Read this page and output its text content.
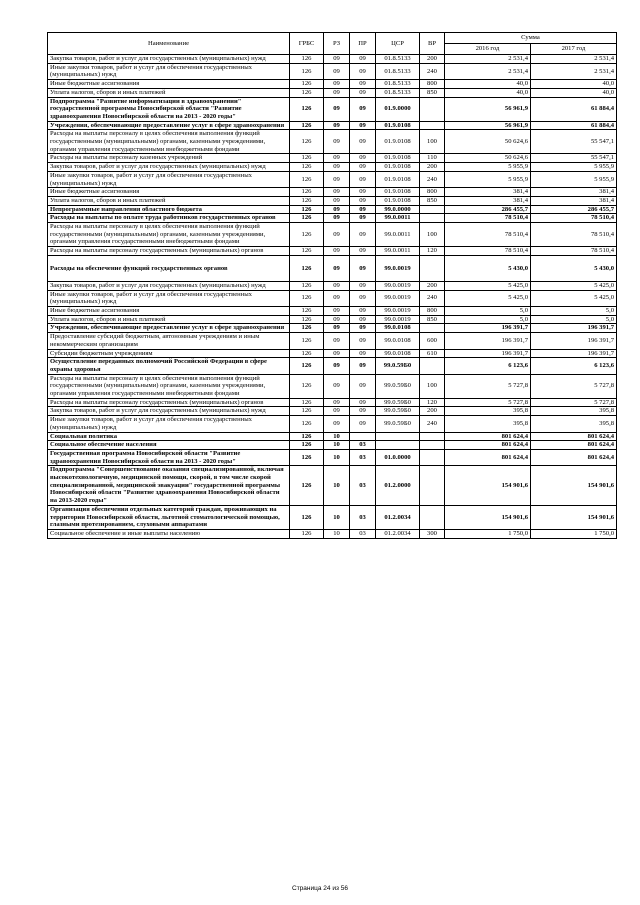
Наименование	ГРБС	РЗ	ПР	ЦСР	ВР	Сумма	
						2016 год	2017 год
Закупка товаров, работ и услуг для государственных (муниципальных) нужд	126	09	09	01.8.5133	200	2 531,4	2 531,4
Иные закупки товаров, работ и услуг для обеспечения государственных (муниципальных) нужд	126	09	09	01.8.5133	240	2 531,4	2 531,4
Иные бюджетные ассигнования	126	09	09	01.8.5133	800	40,0	40,0
Уплата налогов, сборов и иных платежей	126	09	09	01.8.5133	850	40,0	40,0
Подпрограмма "Развитие информатизации в здравоохранении" государственной программы Новосибирской области "Развитие здравоохранения Новосибирской области на 2013 - 2020 годы"	126	09	09	01.9.0000		56 961,9	61 884,4
Учреждения, обеспечивающие предоставление услуг в сфере здравоохранения	126	09	09	01.9.0108		56 961,9	61 884,4
Расходы на выплаты персоналу в целях обеспечения выполнения функций государственными (муниципальными) органами, казенными учреждениями, органами управления государственными внебюджетными фондами	126	09	09	01.9.0108	100	50 624,6	55 547,1
Расходы на выплаты персоналу казенных учреждений	126	09	09	01.9.0108	110	50 624,6	55 547,1
Закупка товаров, работ и услуг для государственных (муниципальных) нужд	126	09	09	01.9.0108	200	5 955,9	5 955,9
Иные закупки товаров, работ и услуг для обеспечения государственных (муниципальных) нужд	126	09	09	01.9.0108	240	5 955,9	5 955,9
Иные бюджетные ассигнования	126	09	09	01.9.0108	800	381,4	381,4
Уплата налогов, сборов и иных платежей	126	09	09	01.9.0108	850	381,4	381,4
Непрограммные направления областного бюджета	126	09	09	99.0.0000		286 455,7	286 455,7
Расходы на выплаты по оплате труда работников государственных органов	126	09	09	99.0.0011		78 510,4	78 510,4
Расходы на выплаты персоналу в целях обеспечения выполнения функций государственными (муниципальными) органами, казенными учреждениями, органами управления государственными внебюджетными фондами	126	09	09	99.0.0011	100	78 510,4	78 510,4
Расходы на выплаты персоналу государственных (муниципальных) органов	126	09	09	99.0.0011	120	78 510,4	78 510,4
Расходы на обеспечение функций государственных органов	126	09	09	99.0.0019		5 430,0	5 430,0
Закупка товаров, работ и услуг для государственных (муниципальных) нужд	126	09	09	99.0.0019	200	5 425,0	5 425,0
Иные закупки товаров, работ и услуг для обеспечения государственных (муниципальных) нужд	126	09	09	99.0.0019	240	5 425,0	5 425,0
Иные бюджетные ассигнования	126	09	09	99.0.0019	800	5,0	5,0
Уплата налогов, сборов и иных платежей	126	09	09	99.0.0019	850	5,0	5,0
Учреждения, обеспечивающие предоставление услуг в сфере здравоохранения	126	09	09	99.0.0108		196 391,7	196 391,7
Предоставление субсидий бюджетным, автономным учреждениям и иным некоммерческим организациям	126	09	09	99.0.0108	600	196 391,7	196 391,7
Субсидии бюджетным учреждениям	126	09	09	99.0.0108	610	196 391,7	196 391,7
Осуществление переданных полномочий Российской Федерации в сфере охраны здоровья	126	09	09	99.0.59Б0		6 123,6	6 123,6
Расходы на выплаты персоналу в целях обеспечения выполнения функций государственными (муниципальными) органами, казенными учреждениями, органами управления государственными внебюджетными фондами	126	09	09	99.0.59Б0	100	5 727,8	5 727,8
Расходы на выплаты персоналу государственных (муниципальных) органов	126	09	09	99.0.59Б0	120	5 727,8	5 727,8
Закупка товаров, работ и услуг для государственных (муниципальных) нужд	126	09	09	99.0.59Б0	200	395,8	395,8
Иные закупки товаров, работ и услуг для обеспечения государственных (муниципальных) нужд	126	09	09	99.0.59Б0	240	395,8	395,8
Социальная политика	126	10				801 624,4	801 624,4
Социальное обеспечение населения	126	10	03			801 624,4	801 624,4
Государственная программа Новосибирской области "Развитие здравоохранения Новосибирской области на 2013 - 2020 годы"	126	10	03	01.0.0000		801 624,4	801 624,4
Подпрограмма "Совершенствование оказания специализированной, включая высокотехнологичную, медицинской помощи, скорой, в том числе скорой специализированной, медицинской эвакуации" государственной программы Новосибирской области "Развитие здравоохранения Новосибирской области на 2013-2020 годы"	126	10	03	01.2.0000		154 901,6	154 901,6
Организация обеспечения отдельных категорий граждан, проживающих на территории Новосибирской области, льготной стоматологической помощью, глазными протезированием, слуховыми аппаратами	126	10	03	01.2.0034		154 901,6	154 901,6
Социальное обеспечение и иные выплаты населению	126	10	03	01.2.0034	300	1 750,0	1 750,0
Страница 24 из 56
